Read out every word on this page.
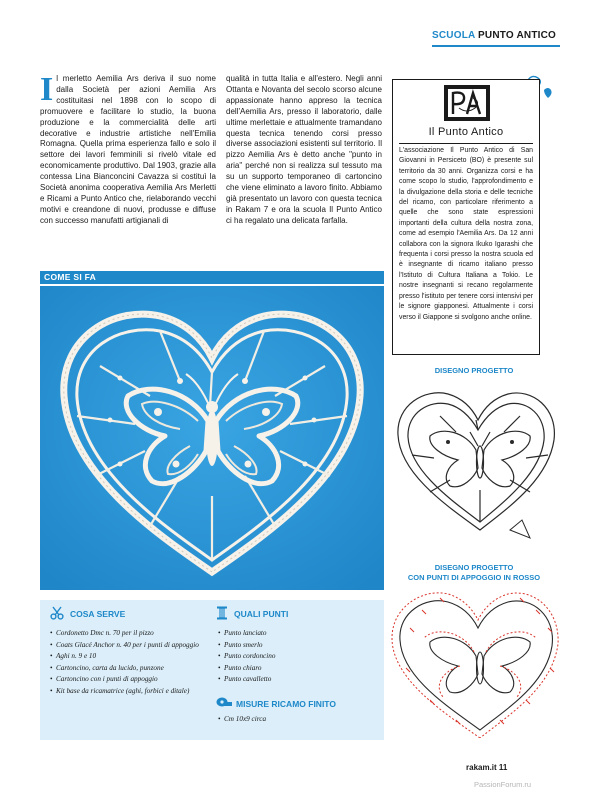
SCUOLA PUNTO ANTICO
Il merletto Aemilia Ars deriva il suo nome dalla Società per azioni Aemilia Ars costituitasi nel 1898 con lo scopo di promuovere e facilitare lo studio, la buona produzione e la commercialità delle arti decorative e industrie artistiche nell'Emilia Romagna. Quella prima esperienza fallo e solo il settore dei lavori femminili si rivelò vitale ed economicamente produttivo. Dal 1903, grazie alla contessa Lina Bianconcini Cavazza si costituì la Società anonima cooperativa Aemilia Ars Merletti e Ricami a Punto Antico che, rielaborando vecchi motivi e creandone di nuovi, produsse e diffuse con successo manufatti artigianali di
qualità in tutta Italia e all'estero. Negli anni Ottanta e Novanta del secolo scorso alcune appassionate hanno appreso la tecnica dell'Aemilia Ars, presso il laboratorio, dalle ultime merlettaie e attualmente tramandano questa tecnica tenendo corsi presso diverse associazioni esistenti sul territorio. Il pizzo Aemilia Ars è detto anche "punto in aria" perché non si realizza sul tessuto ma su un supporto temporaneo di cartoncino che viene eliminato a lavoro finito. Abbiamo già presentato un lavoro con questa tecnica in Rakam 7 e ora la scuola Il Punto Antico ci ha regalato una delicata farfalla.
PA
Il Punto Antico
L'associazione Il Punto Antico di San Giovanni in Persiceto (BO) è presente sul territorio da 30 anni. Organizza corsi e ha come scopo lo studio, l'approfondimento e la divulgazione della storia e delle tecniche del ricamo, con particolare riferimento a quelle che sono state espressioni importanti della cultura della nostra zona, come ad esempio l'Aemilia Ars. Da 12 anni collabora con la signora Ikuko Igarashi che frequenta i corsi presso la nostra scuola ed è insegnante di ricamo italiano presso l'Istituto di Cultura Italiana a Tokio. Le nostre insegnanti si recano regolarmente presso l'istituto per tenere corsi intensivi per le signore giapponesi. Attualmente i corsi verso il Giappone si svolgono anche online.
COME SI FA
DISEGNO PROGETTO
DISEGNO PROGETTO
CON PUNTI DI APPOGGIO IN ROSSO
COSA SERVE
• Cordonetto Dmc n. 70 per il pizzo
• Coats Glacé Anchor n. 40 per i punti di appoggio
• Aghi n. 9 e 10
• Cartoncino, carta da lucido, punzone
• Cartoncino con i punti di appoggio
• Kit base da ricamatrice (aghi, forbici e ditale)
QUALI PUNTI
• Punto lanciato
• Punto smerlo
• Punto cordoncino
• Punto chiaro
• Punto cavalletto
MISURE RICAMO FINITO
• Cm 10x9 circa
rakam.it 11
PassionForum.ru
